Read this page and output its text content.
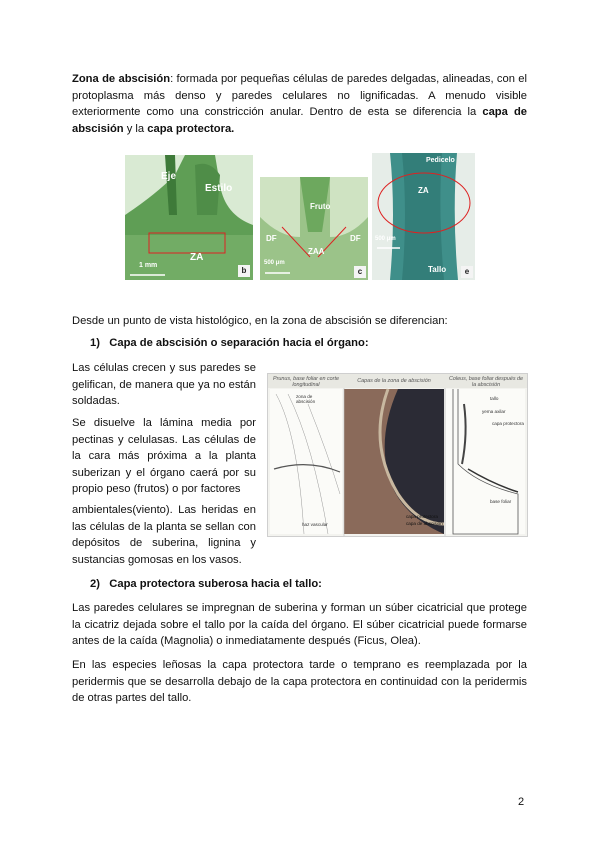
Zona de abscisión: formada por pequeñas células de paredes delgadas, alineadas, con el protoplasma más denso y paredes celulares no lignificadas. A menudo visible exteriormente como una constricción anular. Dentro de esta se diferencia la capa de abscisión y la capa protectora.

Eje
Estilo
ZA
1 mm
b
Fruto
DF	DF
ZAA
500 μm
c
Pedicelo
ZA
Tallo
500 μm
e

Desde un punto de vista histológico, en la zona de abscisión se diferencian:

1) Capa de abscisión o separación hacia el órgano:

Las células crecen y sus paredes se gelifican, de manera que ya no están soldadas.

Se disuelve la lámina media por pectinas y celulasas. Las células de la cara más próxima a la planta suberizan y el órgano caerá por su propio peso (frutos) o por factores

ambientales(viento). Las heridas en las células de la planta se sellan con depósitos de suberina, lignina y sustancias gomosas en los vasos.

Prunus, base foliar en corte longitudinal
Capas de la zona de abscisión	Coleus, base foliar después de la abscisión
zona de abscisión
haz vascular
capa protectora
capa de abscisión
tallo
yema axilar
capa protectora
base foliar
2) Capa protectora suberosa hacia el tallo:

Las paredes celulares se impregnan de suberina y forman un súber cicatricial que protege la cicatriz dejada sobre el tallo por la caída del órgano. El súber cicatricial puede formarse antes de la caída (Magnolia) o inmediatamente después (Ficus, Olea).

En las especies leñosas la capa protectora tarde o temprano es reemplazada por la peridermis que se desarrolla debajo de la capa protectora en continuidad con la peridermis de otras partes del tallo.

2
